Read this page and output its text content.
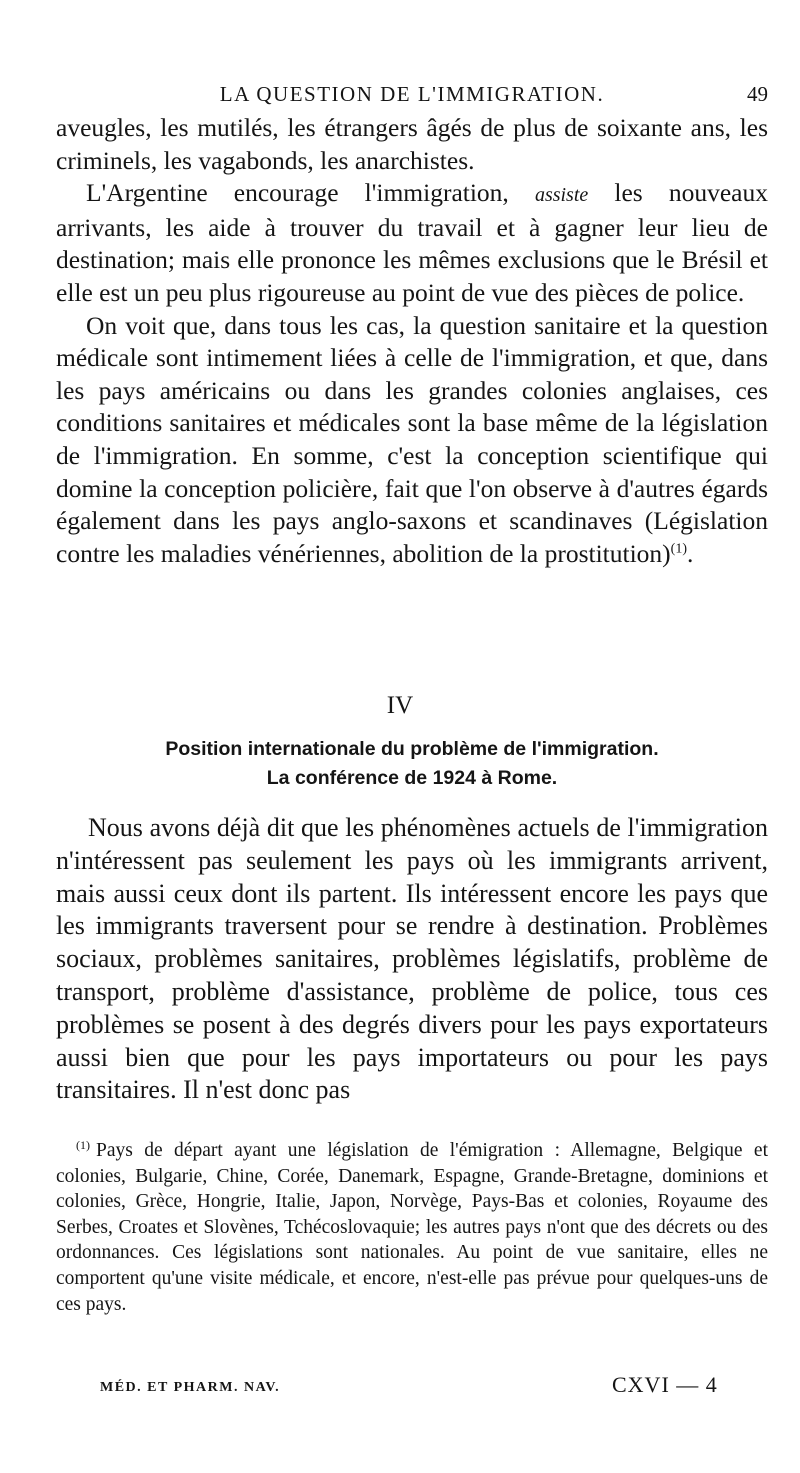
LA QUESTION DE L'IMMIGRATION.	49

aveugles, les mutilés, les étrangers âgés de plus de soixante ans, les criminels, les vagabonds, les anarchistes.

L'Argentine encourage l'immigration, assiste les nouveaux arrivants, les aide à trouver du travail et à gagner leur lieu de destination; mais elle prononce les mêmes exclusions que le Brésil et elle est un peu plus rigoureuse au point de vue des pièces de police.

On voit que, dans tous les cas, la question sanitaire et la question médicale sont intimement liées à celle de l'immigration, et que, dans les pays américains ou dans les grandes colonies anglaises, ces conditions sanitaires et médicales sont la base même de la législation de l'immigration. En somme, c'est la conception scientifique qui domine la conception policière, fait que l'on observe à d'autres égards également dans les pays anglo-saxons et scandinaves (Législation contre les maladies vénériennes, abolition de la prostitution)$^{(1)}$.

IV
Position internationale du problème de l'immigration.
La conférence de 1924 à Rome.

Nous avons déjà dit que les phénomènes actuels de l'immigration n'intéressent pas seulement les pays où les immigrants arrivent, mais aussi ceux dont ils partent. Ils intéressent encore les pays que les immigrants traversent pour se rendre à destination. Problèmes sociaux, problèmes sanitaires, problèmes législatifs, problème de transport, problème d'assistance, problème de police, tous ces problèmes se posent à des degrés divers pour les pays exportateurs aussi bien que pour les pays importateurs ou pour les pays transitaires. Il n'est donc pas

$^{(1)}$ Pays de départ ayant une législation de l'émigration : Allemagne, Belgique et colonies, Bulgarie, Chine, Corée, Danemark, Espagne, Grande-Bretagne, dominions et colonies, Grèce, Hongrie, Italie, Japon, Norvège, Pays-Bas et colonies, Royaume des Serbes, Croates et Slovènes, Tchécoslovaquie; les autres pays n'ont que des décrets ou des ordonnances. Ces législations sont nationales. Au point de vue sanitaire, elles ne comportent qu'une visite médicale, et encore, n'est-elle pas prévue pour quelques-uns de ces pays.

MÉD. ET PHARM. NAV.	CXVI — 4
